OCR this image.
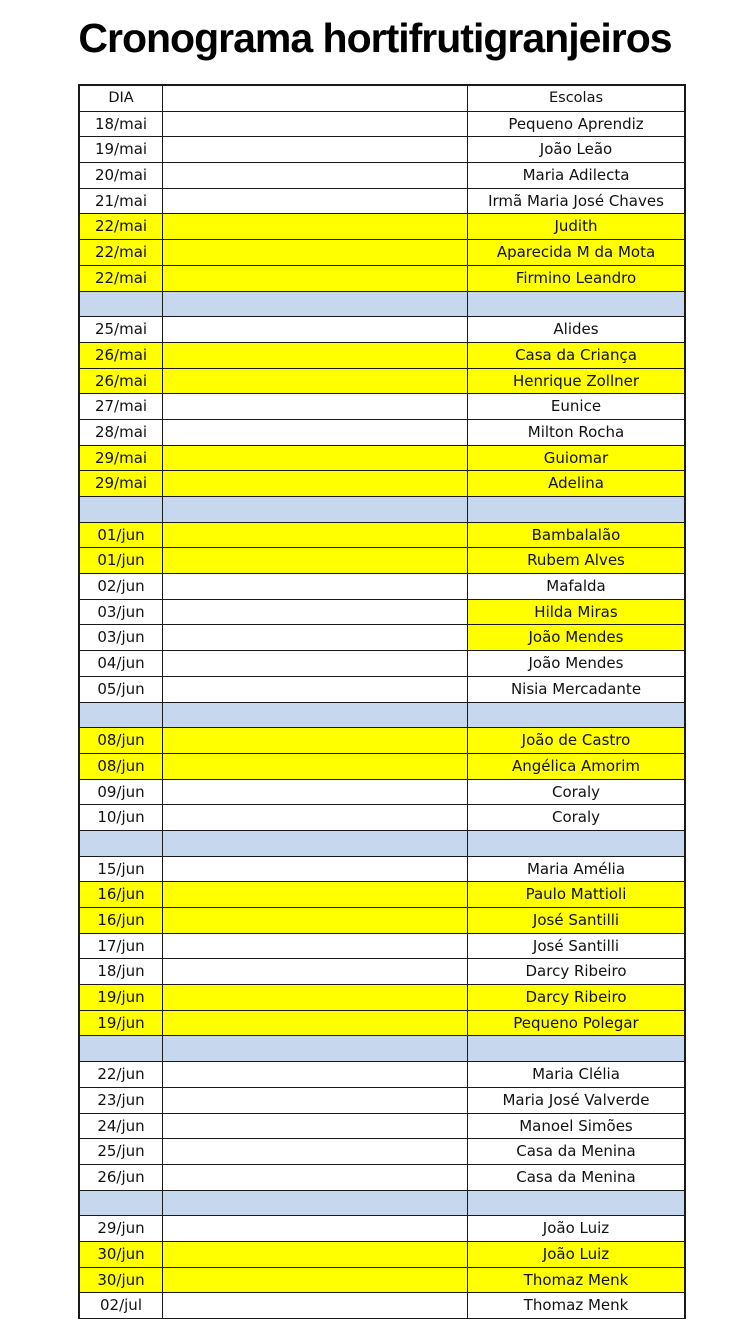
Cronograma hortifrutigranjeiros
DIA	Escolas
18/mai	Pequeno Aprendiz
19/mai	João Leão
20/mai	Maria Adilecta
21/mai	Irmã Maria José Chaves
22/mai	Judith
22/mai	Aparecida M da Mota
22/mai	Firmino Leandro
25/mai	Alides
26/mai	Casa da Criança
26/mai	Henrique Zollner
27/mai	Eunice
28/mai	Milton Rocha
29/mai	Guiomar
29/mai	Adelina
01/jun	Bambalalão
01/jun	Rubem Alves
02/jun	Mafalda
03/jun	Hilda Miras
03/jun	João Mendes
04/jun	João Mendes
05/jun	Nisia Mercadante
08/jun	João de Castro
08/jun	Angélica Amorim
09/jun	Coraly
10/jun	Coraly
15/jun	Maria Amélia
16/jun	Paulo Mattioli
16/jun	José Santilli
17/jun	José Santilli
18/jun	Darcy Ribeiro
19/jun	Darcy Ribeiro
19/jun	Pequeno Polegar
22/jun	Maria Clélia
23/jun	Maria José Valverde
24/jun	Manoel Simões
25/jun	Casa da Menina
26/jun	Casa da Menina
29/jun	João Luiz
30/jun	João Luiz
30/jun	Thomaz Menk
02/jul	Thomaz Menk
